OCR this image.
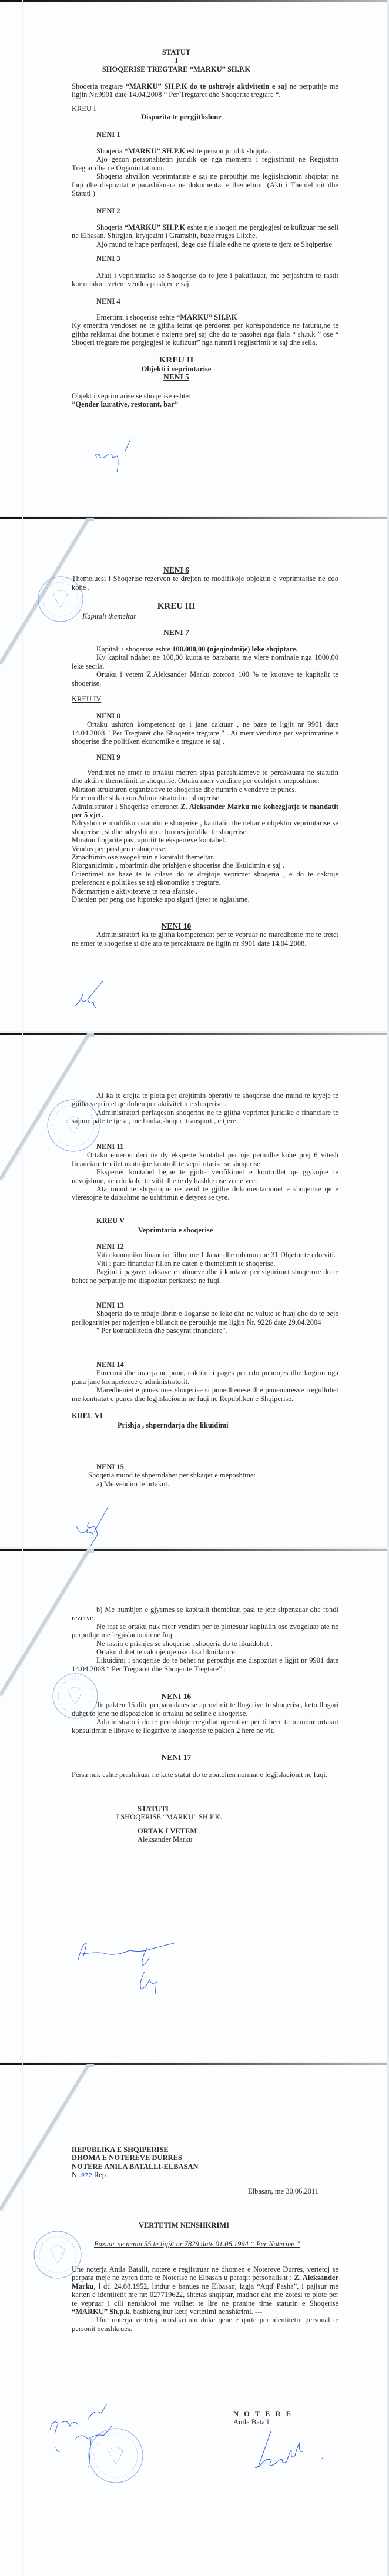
STATUT
I
SHOQERISE TREGTARE “MARKU” SH.P.K
Shoqeria tregtare “MARKU” SH.P.K do te ushtroje aktivitetin e saj ne perputhje me ligjin Nr.9901 date 14.04.2008 “ Per Tregtaret dhe Shoqerite tregtare “.
KREU I
Dispozita te pergjithshme
NENI 1
Shoqeria “MARKU” SH.P.K eshte person juridik shqiptar.
Ajo gezon personalitetin juridik qe nga momenti i regjistrimit ne Regjistrin Tregtar dhe ne Organin tatimor.
Shoqeria zhvillon veprimtarine e saj ne perputhje me legjislacionin shqiptar ne fuqi dhe dispozitat e parashikuara ne dokumentat e themelimit (Akti i Themelimit dhe Statuti )
NENI 2
Shoqeria “MARKU” SH.P.K eshte nje shoqeri me pergjegjesi te kufizuar me seli ne Elbasan, Shirgjan, kryqezim i Gramshit, buze rruges Llixhe.
Ajo mund te hape perfaqesi, dege ose filiale edhe ne qytete te tjera te Shqiperise.
NENI 3
Afati i veprimtarise se Shoqerise do te jete i pakufizuar, me perjashtim te rastit kur ortaku i vetem vendos prishjen e saj.
NENI 4
Emertimi i shoqerise eshte “MARKU” SH.P.K
Ky emertim vendoset ne te gjitha letrat qe perdoren per korespondence ne faturat,ne te gjitha reklamat dhe botimet e nxjerra prej saj dhe do te pasohet nga fjala “ sh.p.k ” ose “ Shoqeri tregtare me pergjegjesi te kufizuar” nga numri i regjistrimit te saj dhe selia.
KREU II
Objekti i veprimtarise
NENI 5
Objekt i veprimtarise se shoqerise eshte:
”Qender kurative, restorant, bar”
NENI 6
Themeluesi i Shoqerise rezervon te drejten te modifikoje objektin e veprimtarise ne cdo kohe .
KREU III
Kapitali themeltar
NENI 7
Kapitali i shoqerise eshte 100.000,00 (njeqindmije) leke shqiptare.
Ky kapital ndahet ne 100,00 kuota te barabarta me vlere nominale nga 1000,00 leke secila.
Ortaku i vetem Z.Aleksander Marku zoteron 100 % te kuotave te kapitalit te shoqerise.
KREU IV
NENI 8
Ortaku ushtron kompetencat qe i jane caktuar , ne baze te ligjit nr 9901 date 14.04.2008 " Per Tregtaret dhe Shoqerite tregtare " . Ai merr vendime per veprimtarine e shoqerise dhe politiken ekonomike e tregtare te saj .
NENI 9
Vendimet ne emer te ortakut merren sipas parashikimeve te percaktuara ne statutin dhe aktin e themelimit te shoqerise. Ortaku merr vendime per ceshtjet e meposhtme:
Miraton strukturen organizative te shoqerise dhe numrin e vendeve te punes.
Emeron dhe shkarkon Administratorin e shoqerise.
Administrator i Shoqerise emerohet Z. Aleksander Marku me kohezgjatje te mandatit per 5 vjet.
Ndryshon e modifikon statutin e shoqerise , kapitalin themeltar e objektin veprimtarise se shoqerise , si dhe ndryshimin e formes juridike te shoqerise.
Miraton llogarite pas raportit te eksperteve kontabel.
Vendos per prishjen e shoqerise.
Zmadhimin ose zvogelimin e kapitalit themeltar.
Riorganizimin , mbarimin dhe prishjen e shoqerise dhe likuidimin e saj .
Orientimet ne baze te te cilave do te drejtoje veprimet shoqeria , e do te caktoje preferencat e politikes se saj ekonomike e tregtare.
Ndermarrjen e aktiviteteve te reja afariste .
Dhenien per peng ose hipoteke apo siguri tjeter te ngjashme.
NENI 10
Administratori ka te gjitha kompetencat per te vepruar ne maredhenie me te tretet ne emer te shoqerise si dhe ato te percaktuara ne ligjin nr 9901 date 14.04.2008.
Ai ka te drejta te plota per drejtimin operativ te shoqerise dhe mund te kryeje te gjitha veprimet qe duhen per aktivitetin e shoqerise .
Administratori perfaqeson shoqerine ne te gjitha veprimet juridike e financiare te saj me pale te tjera , me banka,shoqeri transporti, e tjere.
NENI 11
Ortaku emeron deri ne dy eksperte kontabel per nje periudhe kohe prej 6 vitesh financiare te cilet ushtrojne kontroll te veprimtarise se shoqerise.
Ekspertet kontabel bejne te gjitha verifikimet e kontrollet qe gjykojne te nevojshme, ne cdo kohe te vitit dhe te dy bashke ose vec e vec.
Ata mund te shqyrtojne ne vend te gjithe dokumentacionet e shoqerise qe e vleresojne te dobishme ne ushtrimin e detyres se tyre.
KREU V
Veprimtaria e shoqerise
NENI 12
Viti ekonomiko financiar fillon me 1 Janar dhe mbaron me 31 Dhjetor te cdo viti.
Viti i pare financiar fillon ne daten e themelimit te shoqerise.
Pagimi i pagave, taksave e tatimeve dhe i kuotave per sigurimet shoqerore do te behet ne perputhje me dispozitat perkatese ne fuqi.
NENI 13
Shoqeria do te mbaje librin e llogarise ne leke dhe ne valute te huaj dhe do te beje perllogaritjet per nxjerrjen e bilancit ne perputhje me ligjin Nr. 9228 date 29.04.2004
" Per kontabilitetin dhe pasqyrat financiare".
NENI 14
Emerimi dhe marrja ne pune, caktimi i pages per cdo punonjes dhe largimi nga puna jane kompetence e administratorit.
Maredheniet e punes mes shoqerise si punedhenese dhe punemaresve rregullohet me kontratat e punes dhe legjislacionin ne fuqi ne Republiken e Shqiperise.
KREU VI
Prishja , shperndarja dhe likuidimi
NENI 15
Shoqeria mund te shperndahet per shkaqet e meposhtme:
a) Me vendim te ortakut.
b) Me humbjen e gjysmes se kapitalit themeltar, pasi te jete shpenzuar dhe fondi rezerve.
Ne rast se ortaku nuk merr vendim per te plotesuar kapitalin ose zvogeluar ate ne perputhje me legjislacionin ne fuqi.
Ne rastin e prishjes se shoqerise , shoqeria do te likuidohet .
Ortaku duhet te caktoje nje ose disa likuidatore.
Likuidimi i shoqerise do te behet ne perputhje me dispozitat e ligjit nr 9901 date 14.04.2008 “ Per Tregtaret dhe Shoqerite Tregtare” .
NENI 16
Te pakten 15 dite perpara dates se aprovimit te llogarive te shoqerise, keto llogari duhet te jene ne dispozicion te ortakut ne seline e shoqerise.
Administratori do te percaktoje rregullat operative per ti bere te mundur ortakut konsultimin e librave te llogarive te shoqerise te pakten 2 here ne vit.
NENI 17
Persa nuk eshte prashikuar ne kete statut do te zbatohen normat e legjislacionit ne fuqi.
STATUTI
I SHOQERISE “MARKU” SH.P.K.
ORTAK I VETEM
Aleksander Marku
REPUBLIKA E SHQIPERISE
DHOMA E NOTEREVE DURRES
NOTERE ANILA BATALLI-ELBASAN
Nr.972 Rep
Elbasan, me 30.06.2011
VERTETIM NENSHKRIMI
Bazuar ne nenin 55 te ligjit nr 7829 date 01.06.1994 “ Per Noterine ”
Une noterja Anila Batalli, notere e regjistruar ne dhomen e Notereve Durres, vertetoj se perpara meje ne zyren time te Noterise ne Elbasan u paraqit personalisht : Z. Aleksander Marku, i dtl 24.08.1952, lindur e banues ne Elbasan, lagja “Aqif Pasha”, i pajisur me karten e identitetit me nr: 027719622, shtetas shqiptar, madhor dhe me zotesi te plote per te vepruar i cili nenshkroi me vullnet te lire ne pranine time statutin e Shoqerise “MARKU” Sh.p.k. bashkengjitur ketij vertetimi nenshkrimi. ---
Une noterja vertetoj nenshkrimin duke qene e qarte per identitetin personal te personit nenshkrues.
N O T E R E
Anila Batalli
